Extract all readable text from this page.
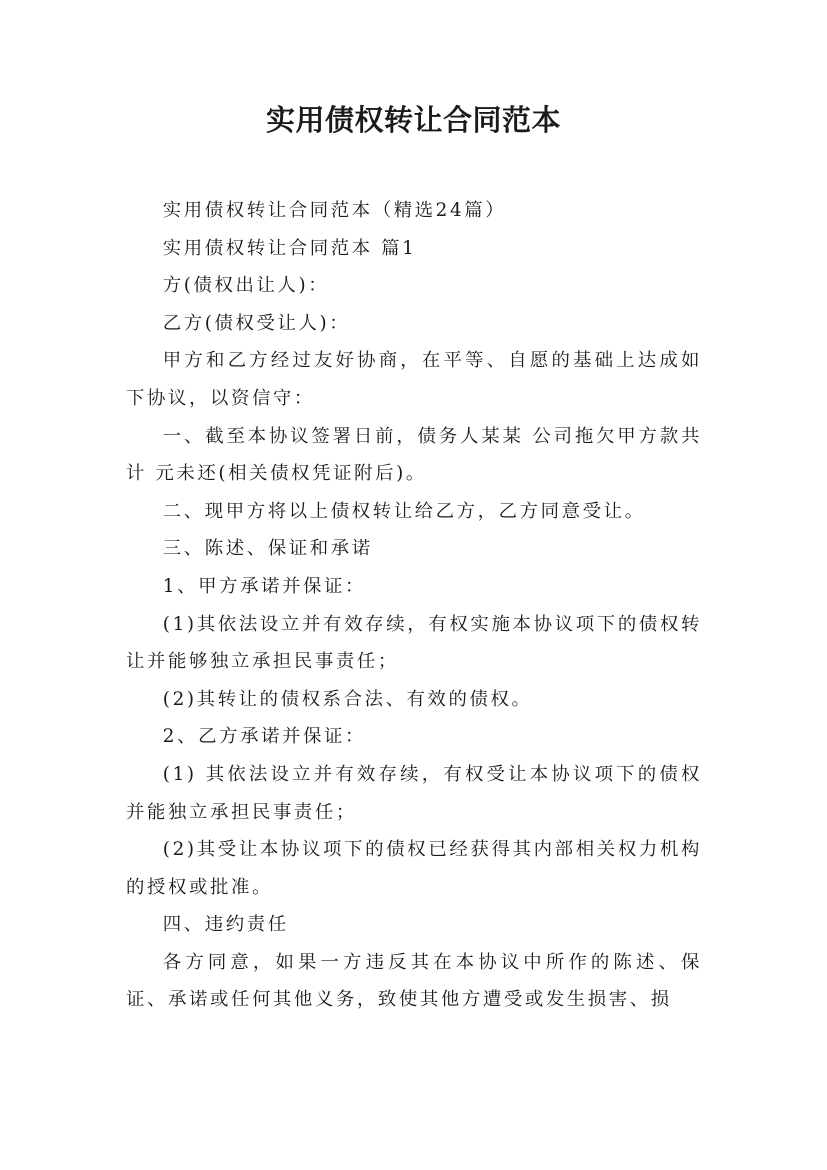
实用债权转让合同范本

实用债权转让合同范本（精选24篇）

实用债权转让合同范本 篇1

方(债权出让人)：

乙方(债权受让人)：

甲方和乙方经过友好协商，在平等、自愿的基础上达成如下协议，以资信守：

一、截至本协议签署日前，债务人某某 公司拖欠甲方款共计 元未还(相关债权凭证附后)。

二、现甲方将以上债权转让给乙方，乙方同意受让。

三、陈述、保证和承诺

1、甲方承诺并保证：

(1)其依法设立并有效存续，有权实施本协议项下的债权转让并能够独立承担民事责任；

(2)其转让的债权系合法、有效的债权。

2、乙方承诺并保证：

(1) 其依法设立并有效存续，有权受让本协议项下的债权并能独立承担民事责任；

(2)其受让本协议项下的债权已经获得其内部相关权力机构的授权或批准。

四、违约责任

各方同意，如果一方违反其在本协议中所作的陈述、保证、承诺或任何其他义务，致使其他方遭受或发生损害、损
